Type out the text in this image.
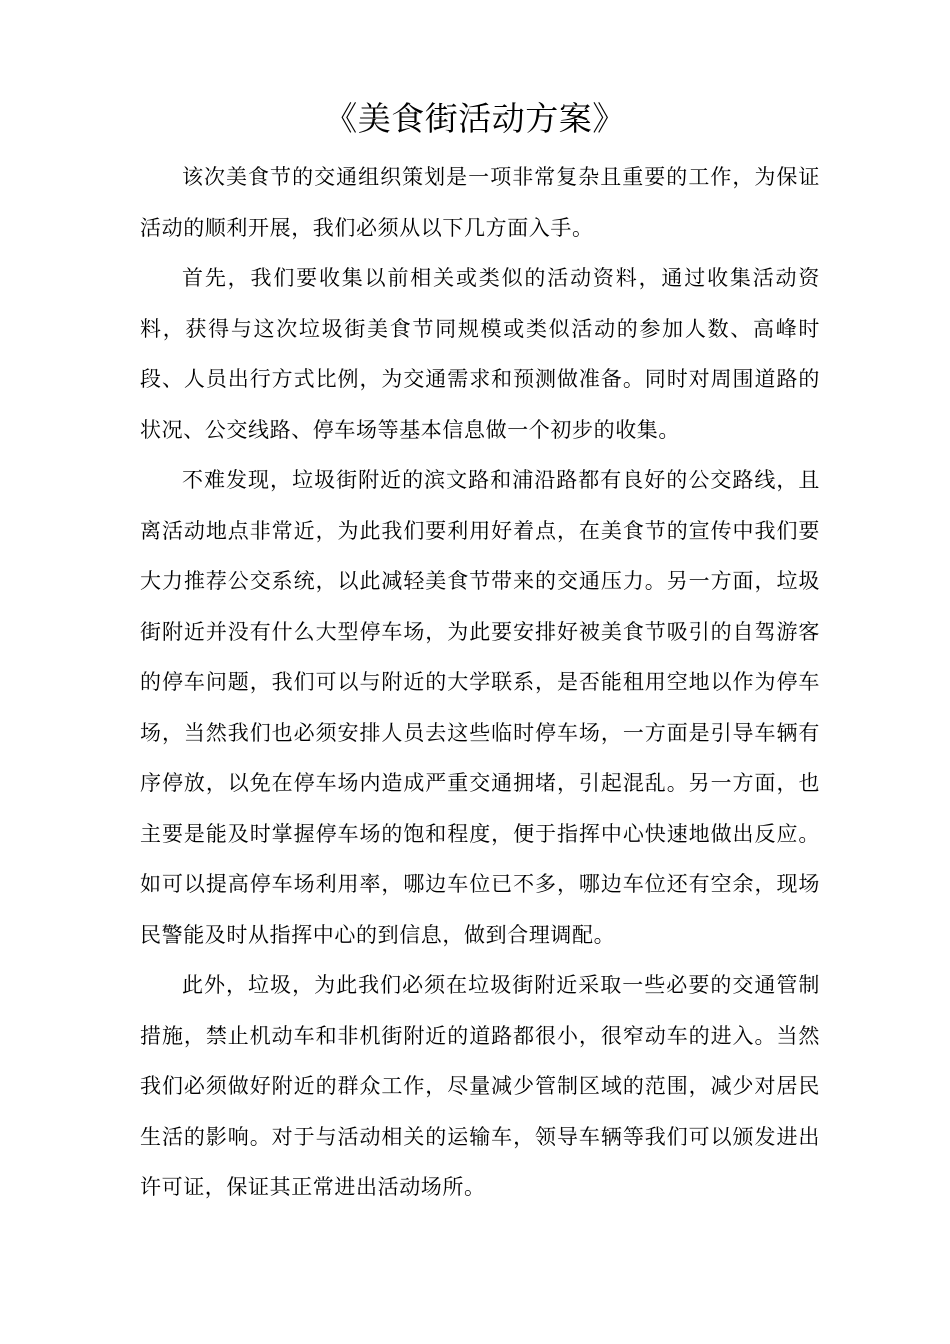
《美食街活动方案》

该次美食节的交通组织策划是一项非常复杂且重要的工作，为保证活动的顺利开展，我们必须从以下几方面入手。

首先，我们要收集以前相关或类似的活动资料，通过收集活动资料，获得与这次垃圾街美食节同规模或类似活动的参加人数、高峰时段、人员出行方式比例，为交通需求和预测做准备。同时对周围道路的状况、公交线路、停车场等基本信息做一个初步的收集。

不难发现，垃圾街附近的滨文路和浦沿路都有良好的公交路线，且离活动地点非常近，为此我们要利用好着点，在美食节的宣传中我们要大力推荐公交系统，以此减轻美食节带来的交通压力。另一方面，垃圾街附近并没有什么大型停车场，为此要安排好被美食节吸引的自驾游客的停车问题，我们可以与附近的大学联系，是否能租用空地以作为停车场，当然我们也必须安排人员去这些临时停车场，一方面是引导车辆有序停放，以免在停车场内造成严重交通拥堵，引起混乱。另一方面，也主要是能及时掌握停车场的饱和程度，便于指挥中心快速地做出反应。如可以提高停车场利用率，哪边车位已不多，哪边车位还有空余，现场民警能及时从指挥中心的到信息，做到合理调配。

此外，垃圾，为此我们必须在垃圾街附近采取一些必要的交通管制措施，禁止机动车和非机街附近的道路都很小，很窄动车的进入。当然我们必须做好附近的群众工作，尽量减少管制区域的范围，减少对居民生活的影响。对于与活动相关的运输车，领导车辆等我们可以颁发进出许可证，保证其正常进出活动场所。
